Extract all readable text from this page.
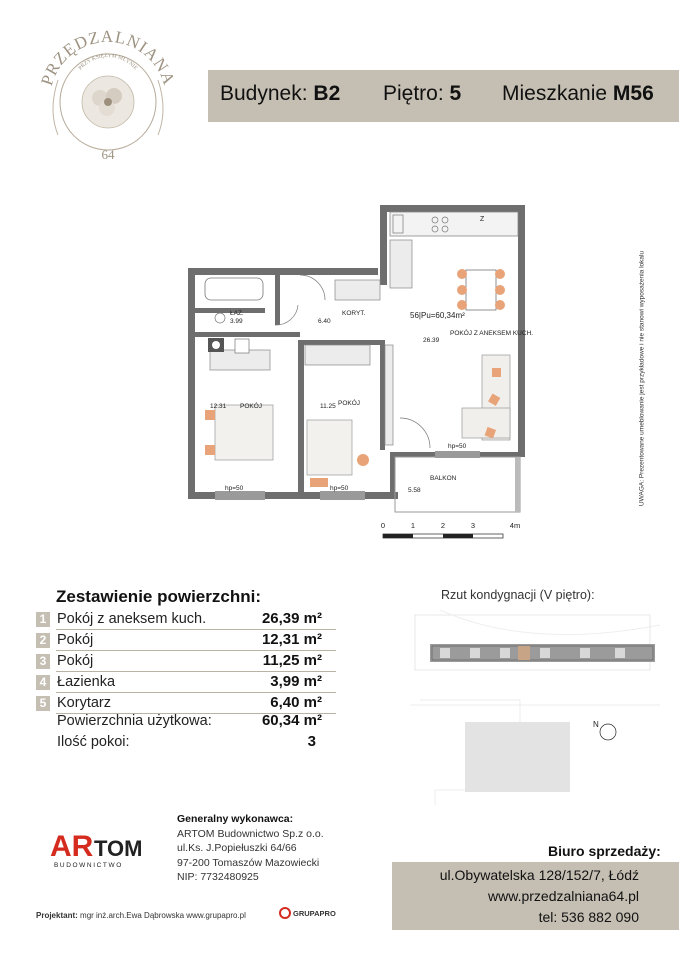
PRZĘDZALNIANA
PRZY KSIĘŻYM MŁYNIE
64
Budynek: B2 Piętro: 5 Mieszkanie M56
Z
56|Pu=60,34m²
POKÓJ Z ANEKSEM KUCH.
26.39
POKÓJ
12.31	POKÓJ
11.25
ŁAZ.
3.99
KORYT.
6.40
BALKON
5.58
hp=50	hp=50
hp=50
0	1	2	3	4m
UWAGA: Prezentowane umeblowanie jest przykładowe i nie stanowi wyposażenia lokalu
Zestawienie powierzchni:
1 Pokój z aneksem kuch.	26,39 m²
2 Pokój	12,31 m²
3 Pokój	11,25 m²
4 Łazienka	3,99 m²
5 Korytarz	6,40 m²
Powierzchnia użytkowa:	60,34 m²
Ilość pokoi:	3
Rzut kondygnacji (V piętro):
N
AR TOM
BUDOWNICTWO
Generalny wykonawca:
ARTOM Budownictwo Sp.z o.o.
ul.Ks. J.Popiełuszki 64/66
97-200 Tomaszów Mazowiecki
NIP: 7732480925
Biuro sprzedaży:
ul.Obywatelska 128/152/7, Łódź
www.przedzalniana64.pl
tel: 536 882 090
Projektant: mgr inż.arch.Ewa Dąbrowska www.grupapro.pl	GRUPAPRO
